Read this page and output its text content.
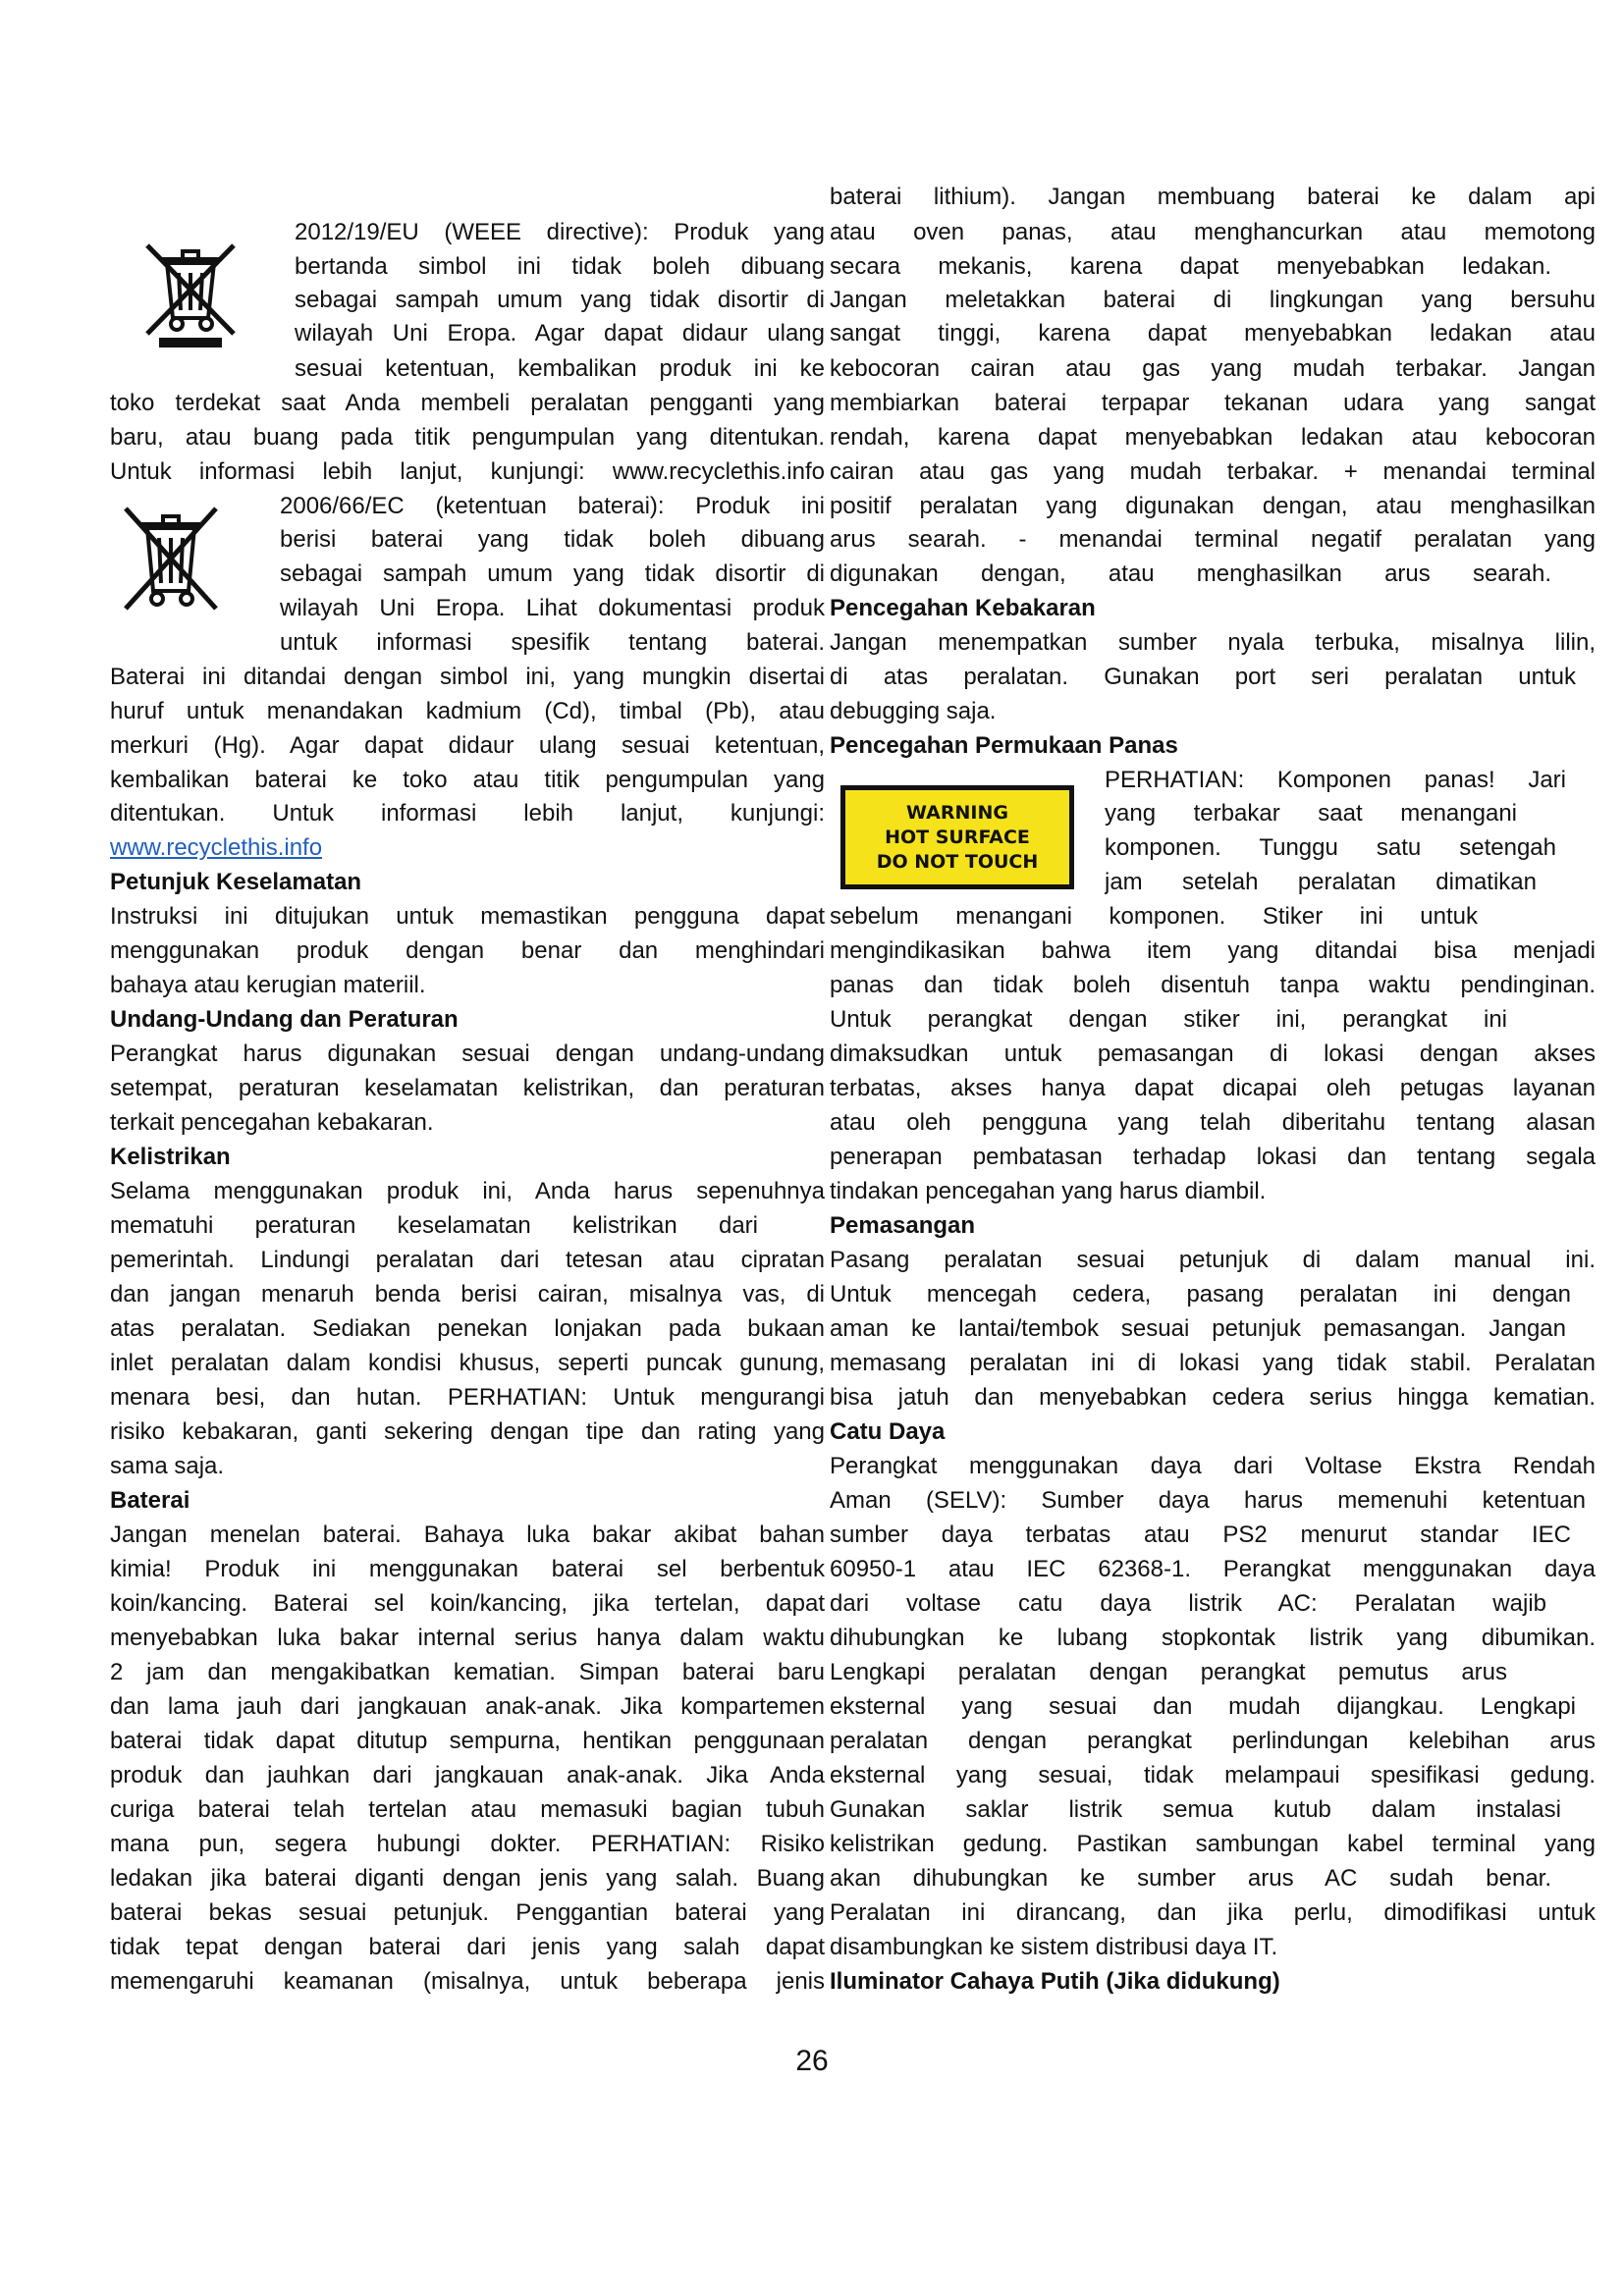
WARNING
HOT SURFACE
DO NOT TOUCH
2012/19/EU (WEEE directive): Produk yang
bertanda simbol ini tidak boleh dibuang
sebagai sampah umum yang tidak disortir di
wilayah Uni Eropa. Agar dapat didaur ulang
sesuai ketentuan, kembalikan produk ini ke
toko terdekat saat Anda membeli peralatan pengganti yang
baru, atau buang pada titik pengumpulan yang ditentukan.
Untuk informasi lebih lanjut, kunjungi: www.recyclethis.info
2006/66/EC (ketentuan baterai): Produk ini
berisi baterai yang tidak boleh dibuang
sebagai sampah umum yang tidak disortir di
wilayah Uni Eropa. Lihat dokumentasi produk
untuk informasi spesifik tentang baterai.
Baterai ini ditandai dengan simbol ini, yang mungkin disertai
huruf untuk menandakan kadmium (Cd), timbal (Pb), atau
merkuri (Hg). Agar dapat didaur ulang sesuai ketentuan,
kembalikan baterai ke toko atau titik pengumpulan yang
ditentukan. Untuk informasi lebih lanjut, kunjungi:
www.recyclethis.info
Petunjuk Keselamatan
Instruksi ini ditujukan untuk memastikan pengguna dapat
menggunakan produk dengan benar dan menghindari
bahaya atau kerugian materiil.
Undang-Undang dan Peraturan
Perangkat harus digunakan sesuai dengan undang-undang
setempat, peraturan keselamatan kelistrikan, dan peraturan
terkait pencegahan kebakaran.
Kelistrikan
Selama menggunakan produk ini, Anda harus sepenuhnya
mematuhi peraturan keselamatan kelistrikan dari
pemerintah. Lindungi peralatan dari tetesan atau cipratan
dan jangan menaruh benda berisi cairan, misalnya vas, di
atas peralatan. Sediakan penekan lonjakan pada bukaan
inlet peralatan dalam kondisi khusus, seperti puncak gunung,
menara besi, dan hutan. PERHATIAN: Untuk mengurangi
risiko kebakaran, ganti sekering dengan tipe dan rating yang
sama saja.
Baterai
Jangan menelan baterai. Bahaya luka bakar akibat bahan
kimia! Produk ini menggunakan baterai sel berbentuk
koin/kancing. Baterai sel koin/kancing, jika tertelan, dapat
menyebabkan luka bakar internal serius hanya dalam waktu
2 jam dan mengakibatkan kematian. Simpan baterai baru
dan lama jauh dari jangkauan anak-anak. Jika kompartemen
baterai tidak dapat ditutup sempurna, hentikan penggunaan
produk dan jauhkan dari jangkauan anak-anak. Jika Anda
curiga baterai telah tertelan atau memasuki bagian tubuh
mana pun, segera hubungi dokter. PERHATIAN: Risiko
ledakan jika baterai diganti dengan jenis yang salah. Buang
baterai bekas sesuai petunjuk. Penggantian baterai yang
tidak tepat dengan baterai dari jenis yang salah dapat
memengaruhi keamanan (misalnya, untuk beberapa jenis
baterai lithium). Jangan membuang baterai ke dalam api
atau oven panas, atau menghancurkan atau memotong
secara mekanis, karena dapat menyebabkan ledakan.
Jangan meletakkan baterai di lingkungan yang bersuhu
sangat tinggi, karena dapat menyebabkan ledakan atau
kebocoran cairan atau gas yang mudah terbakar. Jangan
membiarkan baterai terpapar tekanan udara yang sangat
rendah, karena dapat menyebabkan ledakan atau kebocoran
cairan atau gas yang mudah terbakar. + menandai terminal
positif peralatan yang digunakan dengan, atau menghasilkan
arus searah. - menandai terminal negatif peralatan yang
digunakan dengan, atau menghasilkan arus searah.
Pencegahan Kebakaran
Jangan menempatkan sumber nyala terbuka, misalnya lilin,
di atas peralatan. Gunakan port seri peralatan untuk
debugging saja.
Pencegahan Permukaan Panas
PERHATIAN: Komponen panas! Jari
yang terbakar saat menangani
komponen. Tunggu satu setengah
jam setelah peralatan dimatikan
sebelum menangani komponen. Stiker ini untuk
mengindikasikan bahwa item yang ditandai bisa menjadi
panas dan tidak boleh disentuh tanpa waktu pendinginan.
Untuk perangkat dengan stiker ini, perangkat ini
dimaksudkan untuk pemasangan di lokasi dengan akses
terbatas, akses hanya dapat dicapai oleh petugas layanan
atau oleh pengguna yang telah diberitahu tentang alasan
penerapan pembatasan terhadap lokasi dan tentang segala
tindakan pencegahan yang harus diambil.
Pemasangan
Pasang peralatan sesuai petunjuk di dalam manual ini.
Untuk mencegah cedera, pasang peralatan ini dengan
aman ke lantai/tembok sesuai petunjuk pemasangan. Jangan
memasang peralatan ini di lokasi yang tidak stabil. Peralatan
bisa jatuh dan menyebabkan cedera serius hingga kematian.
Catu Daya
Perangkat menggunakan daya dari Voltase Ekstra Rendah
Aman (SELV): Sumber daya harus memenuhi ketentuan
sumber daya terbatas atau PS2 menurut standar IEC
60950-1 atau IEC 62368-1. Perangkat menggunakan daya
dari voltase catu daya listrik AC: Peralatan wajib
dihubungkan ke lubang stopkontak listrik yang dibumikan.
Lengkapi peralatan dengan perangkat pemutus arus
eksternal yang sesuai dan mudah dijangkau. Lengkapi
peralatan dengan perangkat perlindungan kelebihan arus
eksternal yang sesuai, tidak melampaui spesifikasi gedung.
Gunakan saklar listrik semua kutub dalam instalasi
kelistrikan gedung. Pastikan sambungan kabel terminal yang
akan dihubungkan ke sumber arus AC sudah benar.
Peralatan ini dirancang, dan jika perlu, dimodifikasi untuk
disambungkan ke sistem distribusi daya IT.
Iluminator Cahaya Putih (Jika didukung)
26
